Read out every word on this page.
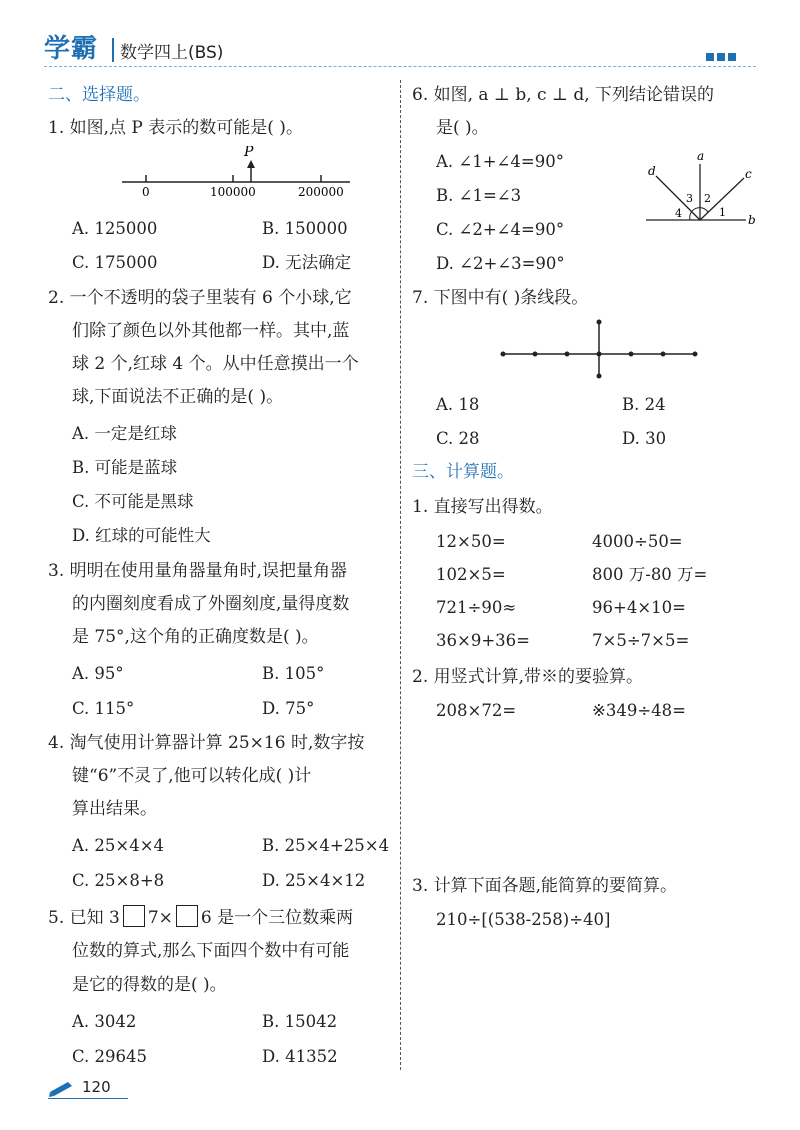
学霸 数学四上(BS)
二、选择题。
1. 如图,点 P 表示的数可能是( )。
P
0	100000	200000
A. 125000	B. 150000
C. 175000	D. 无法确定
2. 一个不透明的袋子里装有 6 个小球,它
们除了颜色以外其他都一样。其中,蓝
球 2 个,红球 4 个。从中任意摸出一个
球,下面说法不正确的是( )。
A. 一定是红球
B. 可能是蓝球
C. 不可能是黑球
D. 红球的可能性大
3. 明明在使用量角器量角时,误把量角器
的内圈刻度看成了外圈刻度,量得度数
是 75°,这个角的正确度数是( )。
A. 95°	B. 105°
C. 115°	D. 75°
4. 淘气使用计算器计算 25×16 时,数字按
键“6”不灵了,他可以转化成( )计
算出结果。
A. 25×4×4	B. 25×4+25×4
C. 25×8+8	D. 25×4×12
5. 已知 3 7× 6 是一个三位数乘两
位数的算式,那么下面四个数中有可能
是它的得数的是( )。
A. 3042	B. 15042
C. 29645	D. 41352
6. 如图, a ⊥ b, c ⊥ d, 下列结论错误的
是( )。
A. ∠1+∠4=90°
B. ∠1=∠3
C. ∠2+∠4=90°
D. ∠2+∠3=90°
a
b
c
d
1
2
3
4
7. 下图中有( )条线段。
A. 18	B. 24
C. 28	D. 30
三、计算题。
1. 直接写出得数。
12×50=	4000÷50=
102×5=	800 万-80 万=
721÷90≈	96+4×10=
36×9+36=	7×5÷7×5=
2. 用竖式计算,带※的要验算。
208×72=	※349÷48=
3. 计算下面各题,能简算的要简算。
210÷[(538-258)÷40]
120
